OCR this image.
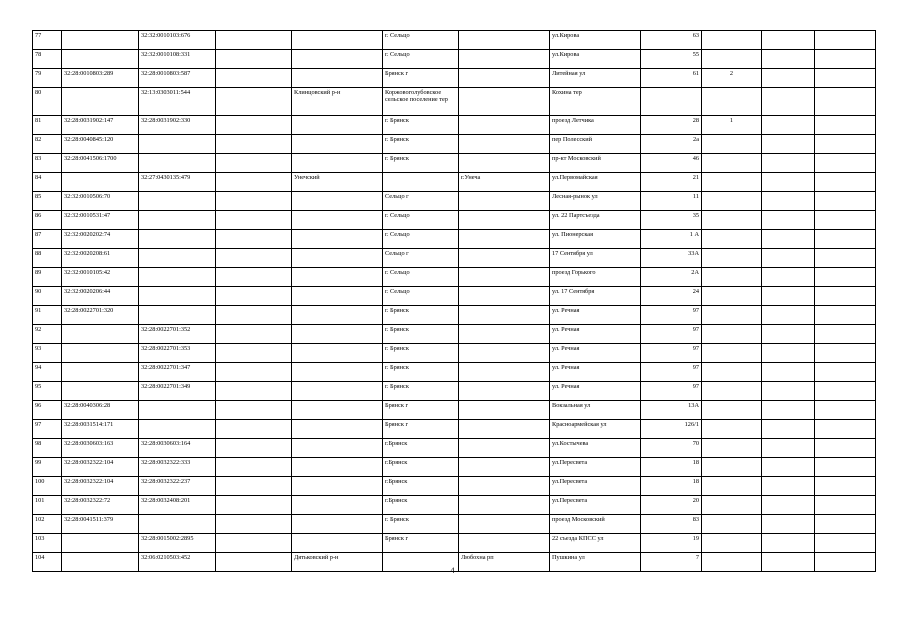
77		32:32:0010103:676			г. Сельцо		ул.Кирова	63			
78		32:32:0010108:331			г. Сельцо		ул.Кирова	55			
79	32:28:0010803:289	32:28:0010803:587			Брянск г		Литейная ул	61	2		
80		32:13:0303011:544		Клинцовский р-н	Коржовоголубовское сельское поселение тер		Кохина тер				
81	32:28:0031902:147	32:28:0031902:330			г. Брянск		проезд Летчика	28	1		
82	32:28:0040845:120				г. Брянск		пер Полесский	2а			
83	32:28:0041506:1700				г. Брянск		пр-кт Московский	46			
84		32:27:0430135:479		Унечский		г.Унеча	ул.Первомайская	21			
85	32:32:0010506:70				Сельцо г		Лесная-рынок ул	11			
86	32:32:0010531:47				г. Сельцо		ул. 22 Партсъезда	35			
87	32:32:0020202:74				г. Сельцо		ул. Пионерская	1 А			
88	32:32:0020208:61				Сельцо г		17 Сентября ул	33А			
89	32:32:0010105:42				г. Сельцо		проезд Горького	2А			
90	32:32:0020206:44				г. Сельцо		ул. 17 Сентября	24			
91	32:28:0022701:320				г. Брянск		ул. Речная	97			
92		32:28:0022701:352			г. Брянск		ул. Речная	97			
93		32:28:0022701:353			г. Брянск		ул. Речная	97			
94		32:28:0022701:347			г. Брянск		ул. Речная	97			
95		32:28:0022701:349			г. Брянск		ул. Речная	97			
96	32:28:0040306:28				Брянск г		Вокзальная ул	13А			
97	32:28:0031514:171				Брянск г		Красноармейская ул	126/1			
98	32:28:0030603:163	32:28:0030603:164			г.Брянск		ул.Костычева	70			
99	32:28:0032322:104	32:28:0032322:333			г.Брянск		ул.Пересвета	18			
100	32:28:0032322:104	32:28:0032322:237			г.Брянск		ул.Пересвета	18			
101	32:28:0032322:72	32:28:0032408:201			г.Брянск		ул.Пересвета	20			
102	32:28:0041511:379				г. Брянск		проезд Московский	83			
103		32:28:0015002:2895			Брянск г		22 съезда КПСС ул	19			
104		32:06:0210503:452		Дятьковский р-н		Любохна рп	Пушкина ул	7			
4
